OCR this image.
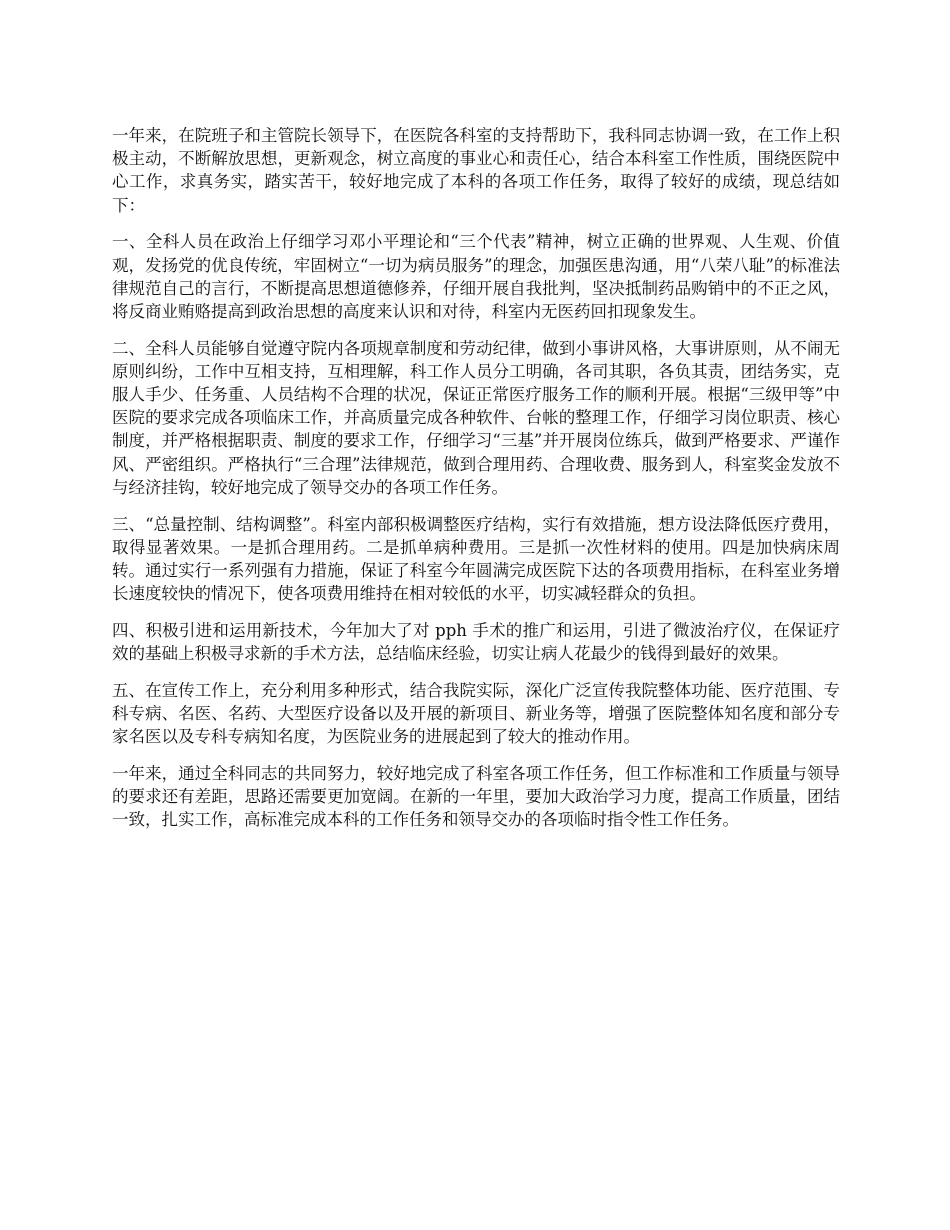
一年来，在院班子和主管院长领导下，在医院各科室的支持帮助下，我科同志协调一致，在工作上积极主动，不断解放思想，更新观念，树立高度的事业心和责任心，结合本科室工作性质，围绕医院中心工作，求真务实，踏实苦干，较好地完成了本科的各项工作任务，取得了较好的成绩，现总结如下：

一、全科人员在政治上仔细学习邓小平理论和“三个代表”精神，树立正确的世界观、人生观、价值观，发扬党的优良传统，牢固树立“一切为病员服务”的理念，加强医患沟通，用“八荣八耻”的标准法律规范自己的言行，不断提高思想道德修养，仔细开展自我批判，坚决抵制药品购销中的不正之风，将反商业贿赂提高到政治思想的高度来认识和对待，科室内无医药回扣现象发生。

二、全科人员能够自觉遵守院内各项规章制度和劳动纪律，做到小事讲风格，大事讲原则，从不闹无原则纠纷，工作中互相支持，互相理解，科工作人员分工明确，各司其职，各负其责，团结务实，克服人手少、任务重、人员结构不合理的状况，保证正常医疗服务工作的顺利开展。根据“三级甲等”中医院的要求完成各项临床工作，并高质量完成各种软件、台帐的整理工作，仔细学习岗位职责、核心制度，并严格根据职责、制度的要求工作，仔细学习“三基”并开展岗位练兵，做到严格要求、严谨作风、严密组织。严格执行“三合理”法律规范，做到合理用药、合理收费、服务到人，科室奖金发放不与经济挂钩，较好地完成了领导交办的各项工作任务。

三、“总量控制、结构调整”。科室内部积极调整医疗结构，实行有效措施，想方设法降低医疗费用，取得显著效果。一是抓合理用药。二是抓单病种费用。三是抓一次性材料的使用。四是加快病床周转。通过实行一系列强有力措施，保证了科室今年圆满完成医院下达的各项费用指标，在科室业务增长速度较快的情况下，使各项费用维持在相对较低的水平，切实减轻群众的负担。

四、积极引进和运用新技术，今年加大了对 pph 手术的推广和运用，引进了微波治疗仪，在保证疗效的基础上积极寻求新的手术方法，总结临床经验，切实让病人花最少的钱得到最好的效果。

五、在宣传工作上，充分利用多种形式，结合我院实际，深化广泛宣传我院整体功能、医疗范围、专科专病、名医、名药、大型医疗设备以及开展的新项目、新业务等，增强了医院整体知名度和部分专家名医以及专科专病知名度，为医院业务的进展起到了较大的推动作用。

一年来，通过全科同志的共同努力，较好地完成了科室各项工作任务，但工作标准和工作质量与领导的要求还有差距，思路还需要更加宽阔。在新的一年里，要加大政治学习力度，提高工作质量，团结一致，扎实工作，高标准完成本科的工作任务和领导交办的各项临时指令性工作任务。
